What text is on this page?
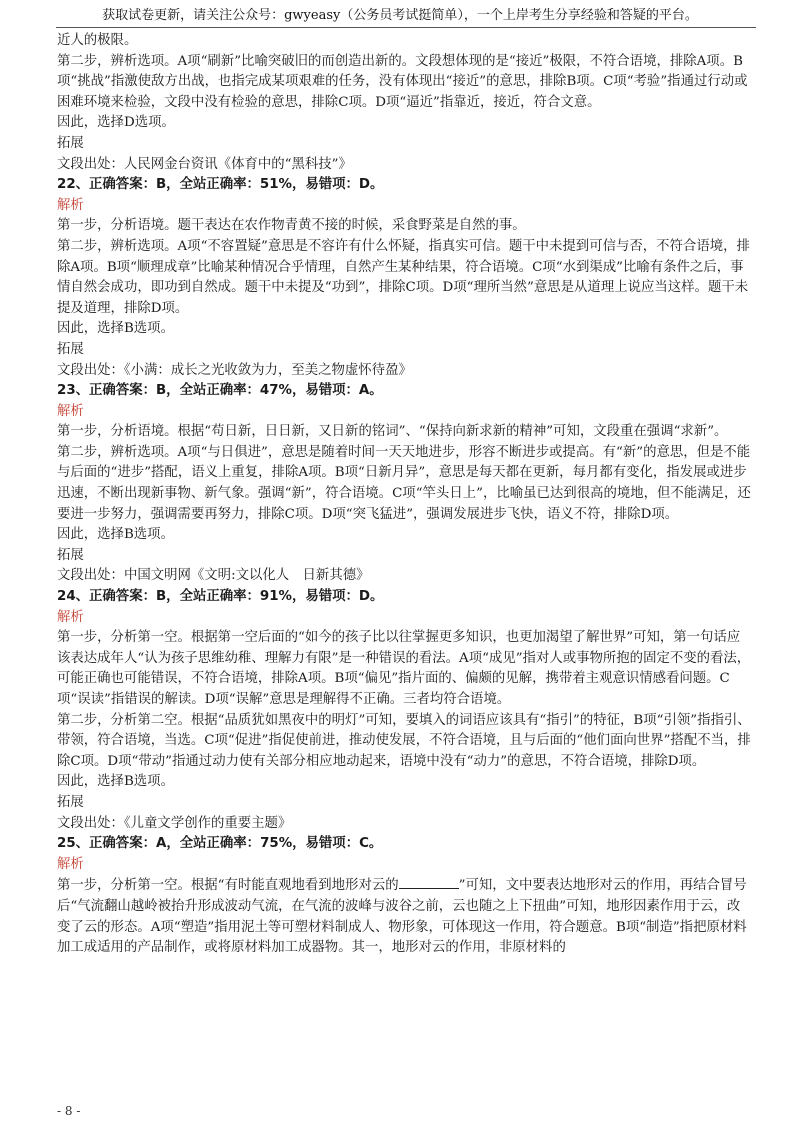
获取试卷更新，请关注公众号：gwyeasy（公务员考试挺简单），一个上岸考生分享经验和答疑的平台。

近人的极限。

第二步，辨析选项。A项“刷新”比喻突破旧的而创造出新的。文段想体现的是“接近”极限，不符合语境，排除A项。B项“挑战”指激使敌方出战，也指完成某项艰难的任务，没有体现出“接近”的意思，排除B项。C项“考验”指通过行动或困难环境来检验，文段中没有检验的意思，排除C项。D项“逼近”指靠近，接近，符合文意。

因此，选择D选项。

拓展

文段出处：人民网金台资讯《体育中的“黑科技”》

22、正确答案：B，全站正确率：51%，易错项：D。

解析

第一步，分析语境。题干表达在农作物青黄不接的时候，采食野菜是自然的事。

第二步，辨析选项。A项“不容置疑”意思是不容许有什么怀疑，指真实可信。题干中未提到可信与否，不符合语境，排除A项。B项“顺理成章”比喻某种情况合乎情理，自然产生某种结果，符合语境。C项“水到渠成”比喻有条件之后，事情自然会成功，即功到自然成。题干中未提及“功到”，排除C项。D项“理所当然”意思是从道理上说应当这样。题干未提及道理，排除D项。

因此，选择B选项。

拓展

文段出处：《小满：成长之光收敛为力，至美之物虚怀待盈》

23、正确答案：B，全站正确率：47%，易错项：A。

解析

第一步，分析语境。根据“苟日新，日日新，又日新的铭词”、“保持向新求新的精神”可知，文段重在强调“求新”。

第二步，辨析选项。A项“与日俱进”，意思是随着时间一天天地进步，形容不断进步或提高。有“新”的意思，但是不能与后面的“进步”搭配，语义上重复，排除A项。B项“日新月异”，意思是每天都在更新，每月都有变化，指发展或进步迅速，不断出现新事物、新气象。强调“新”，符合语境。C项“竿头日上”，比喻虽已达到很高的境地，但不能满足，还要进一步努力，强调需要再努力，排除C项。D项“突飞猛进”，强调发展进步飞快，语义不符，排除D项。

因此，选择B选项。

拓展

文段出处：中国文明网《文明:文以化人　日新其德》

24、正确答案：B，全站正确率：91%，易错项：D。

解析

第一步，分析第一空。根据第一空后面的“如今的孩子比以往掌握更多知识，也更加渴望了解世界”可知，第一句话应该表达成年人“认为孩子思维幼稚、理解力有限”是一种错误的看法。A项“成见”指对人或事物所抱的固定不变的看法，可能正确也可能错误，不符合语境，排除A项。B项“偏见”指片面的、偏颇的见解，携带着主观意识情感看问题。C项“误读”指错误的解读。D项“误解”意思是理解得不正确。三者均符合语境。

第二步，分析第二空。根据“品质犹如黑夜中的明灯”可知，要填入的词语应该具有“指引”的特征，B项“引领”指指引、带领，符合语境，当选。C项“促进”指促使前进，推动使发展，不符合语境，且与后面的“他们面向世界”搭配不当，排除C项。D项“带动”指通过动力使有关部分相应地动起来，语境中没有“动力”的意思，不符合语境，排除D项。

因此，选择B选项。

拓展

文段出处：《儿童文学创作的重要主题》

25、正确答案：A，全站正确率：75%，易错项：C。

解析

第一步，分析第一空。根据“有时能直观地看到地形对云的	”可知，文中要表达地形对云的作用，再结合冒号后“气流翻山越岭被抬升形成波动气流，在气流的波峰与波谷之前，云也随之上下扭曲”可知，地形因素作用于云，改变了云的形态。A项“塑造”指用泥土等可塑材料制成人、物形象，可体现这一作用，符合题意。B项“制造”指把原材料加工成适用的产品制作，或将原材料加工成器物。其一，地形对云的作用，非原材料的

- 8 -
